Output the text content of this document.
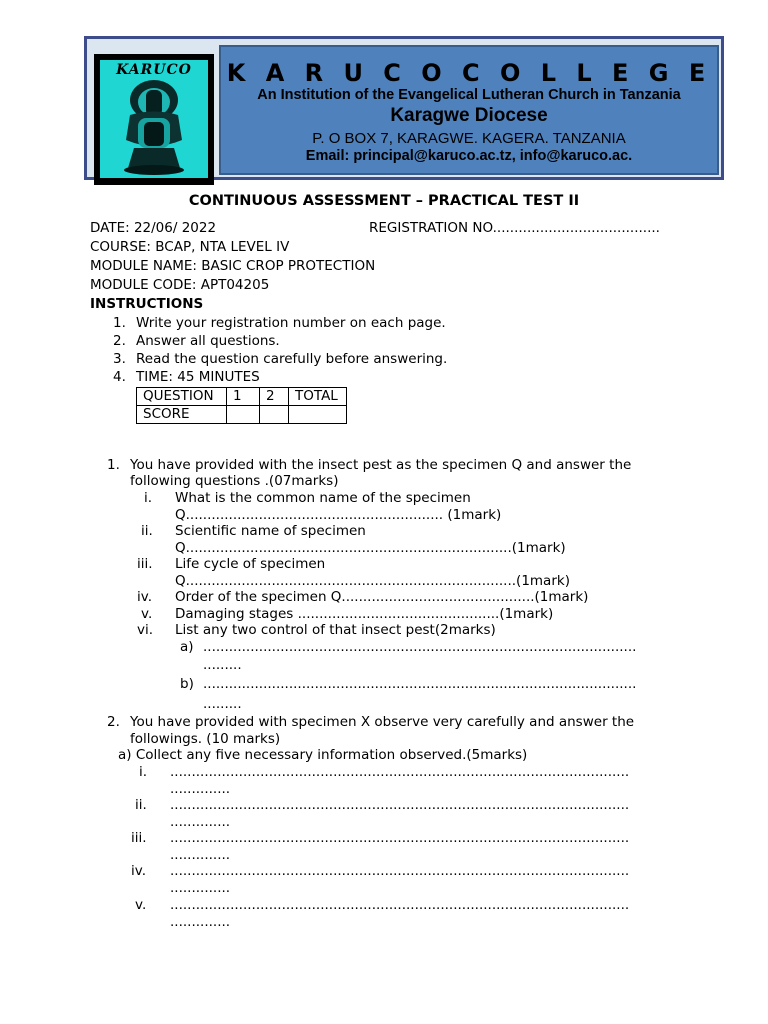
KARUCO	K A R U C O C O L L E G E
An Institution of the Evangelical Lutheran Church in Tanzania
Karagwe Diocese
P. O BOX 7, KARAGWE. KAGERA. TANZANIA
Email: principal@karuco.ac.tz, info@karuco.ac.
CONTINUOUS ASSESSMENT – PRACTICAL TEST II
DATE: 22/06/ 2022	REGISTRATION NO.......................................
COURSE: BCAP, NTA LEVEL IV
MODULE NAME: BASIC CROP PROTECTION
MODULE CODE: APT04205
INSTRUCTIONS
1. Write your registration number on each page.
2. Answer all questions.
3. Read the question carefully before answering.
4. TIME: 45 MINUTES
QUESTION	1	2	TOTAL
SCORE			
1. You have provided with the insect pest as the specimen Q and answer the
following questions .(07marks)
i. What is the common name of the specimen
Q............................................................ (1mark)
ii. Scientific name of specimen
Q............................................................................(1mark)
iii. Life cycle of specimen
Q.............................................................................(1mark)
iv. Order of the specimen Q.............................................(1mark)
v. Damaging stages ...............................................(1mark)
vi. List any two control of that insect pest(2marks)
a) .....................................................................................................
.........
b) .....................................................................................................
.........
2. You have provided with specimen X observe very carefully and answer the
followings. (10 marks)
a) Collect any five necessary information observed.(5marks)
i. ...........................................................................................................
..............
ii. ...........................................................................................................
..............
iii. ...........................................................................................................
..............
iv. ...........................................................................................................
..............
v. ...........................................................................................................
..............
